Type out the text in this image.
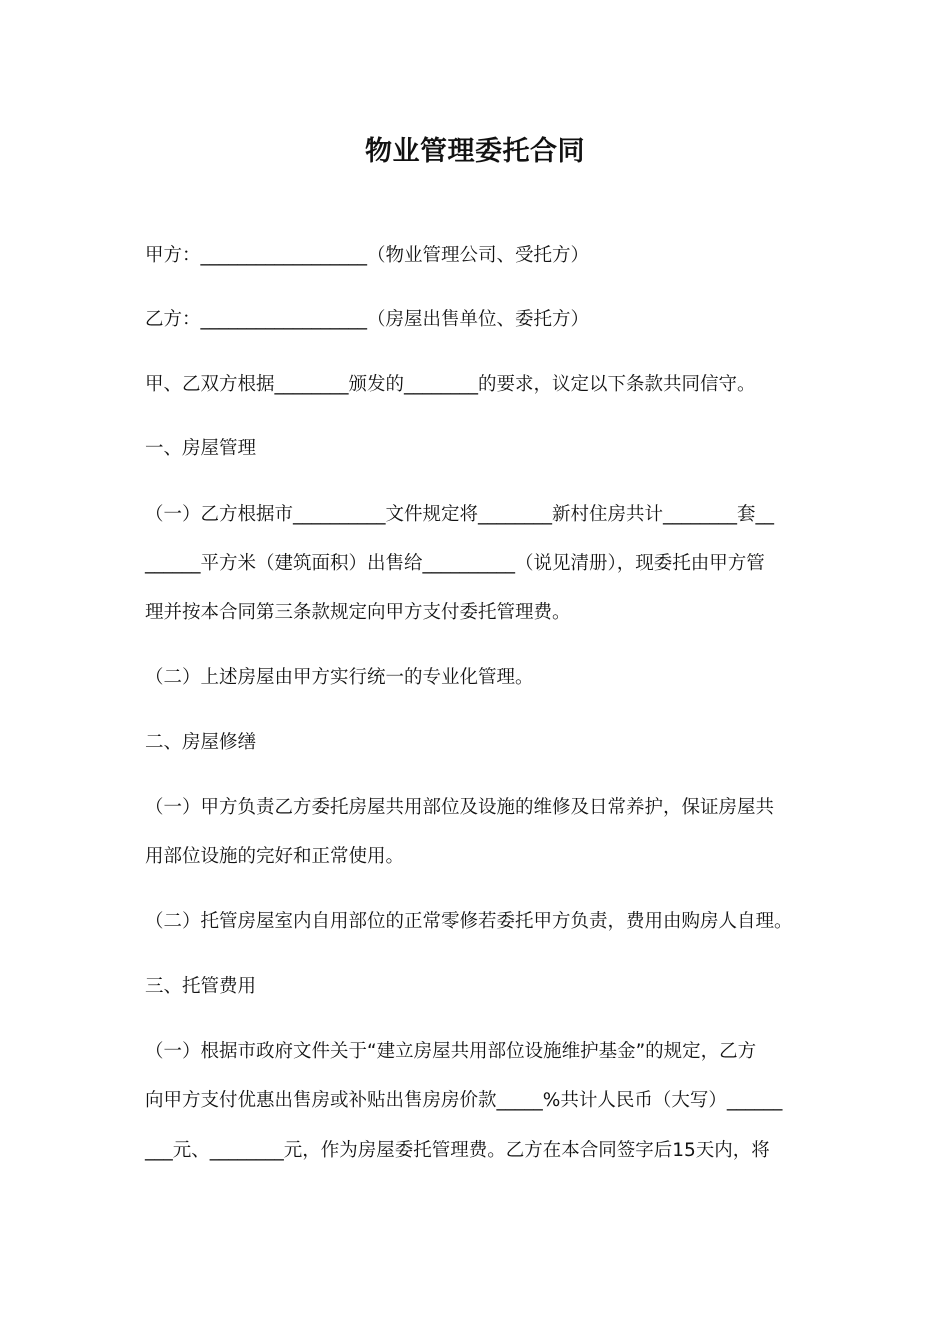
物业管理委托合同
甲方：__________________（物业管理公司、受托方）
乙方：__________________（房屋出售单位、委托方）
甲、乙双方根据________颁发的________的要求，议定以下条款共同信守。
一、房屋管理
（一）乙方根据市__________文件规定将________新村住房共计________套__
______平方米（建筑面积）出售给__________（说见清册），现委托由甲方管
理并按本合同第三条款规定向甲方支付委托管理费。
（二）上述房屋由甲方实行统一的专业化管理。
二、房屋修缮
（一）甲方负责乙方委托房屋共用部位及设施的维修及日常养护，保证房屋共
用部位设施的完好和正常使用。
（二）托管房屋室内自用部位的正常零修若委托甲方负责，费用由购房人自理。
三、托管费用
（一）根据市政府文件关于“建立房屋共用部位设施维护基金”的规定，乙方
向甲方支付优惠出售房或补贴出售房房价款_____%共计人民币（大写）______
___元、________元，作为房屋委托管理费。乙方在本合同签字后15天内，将
